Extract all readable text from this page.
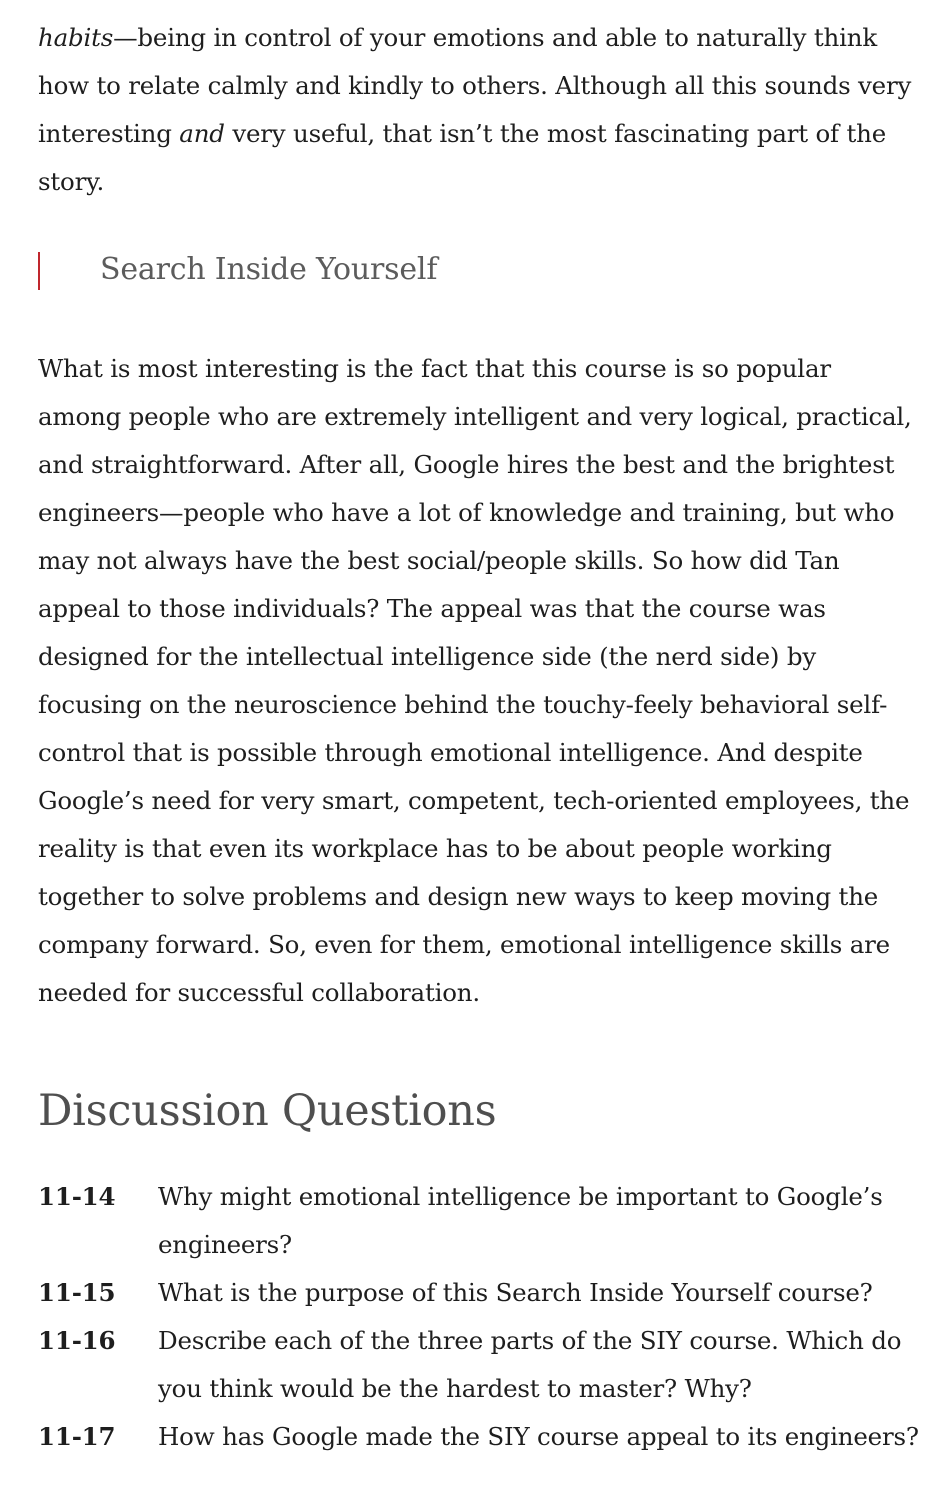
habits—being in control of your emotions and able to naturally think how to relate calmly and kindly to others. Although all this sounds very interesting and very useful, that isn’t the most fascinating part of the story.

Search Inside Yourself

What is most interesting is the fact that this course is so popular among people who are extremely intelligent and very logical, practical, and straightforward. After all, Google hires the best and the brightest engineers—people who have a lot of knowledge and training, but who may not always have the best social/people skills. So how did Tan appeal to those individuals? The appeal was that the course was designed for the intellectual intelligence side (the nerd side) by focusing on the neuroscience behind the touchy-feely behavioral self-control that is possible through emotional intelligence. And despite Google’s need for very smart, competent, tech-oriented employees, the reality is that even its workplace has to be about people working together to solve problems and design new ways to keep moving the company forward. So, even for them, emotional intelligence skills are needed for successful collaboration.

Discussion Questions
11-14	Why might emotional intelligence be important to Google’s engineers?
11-15	What is the purpose of this Search Inside Yourself course?
11-16	Describe each of the three parts of the SIY course. Which do you think would be the hardest to master? Why?
11-17	How has Google made the SIY course appeal to its engineers?
